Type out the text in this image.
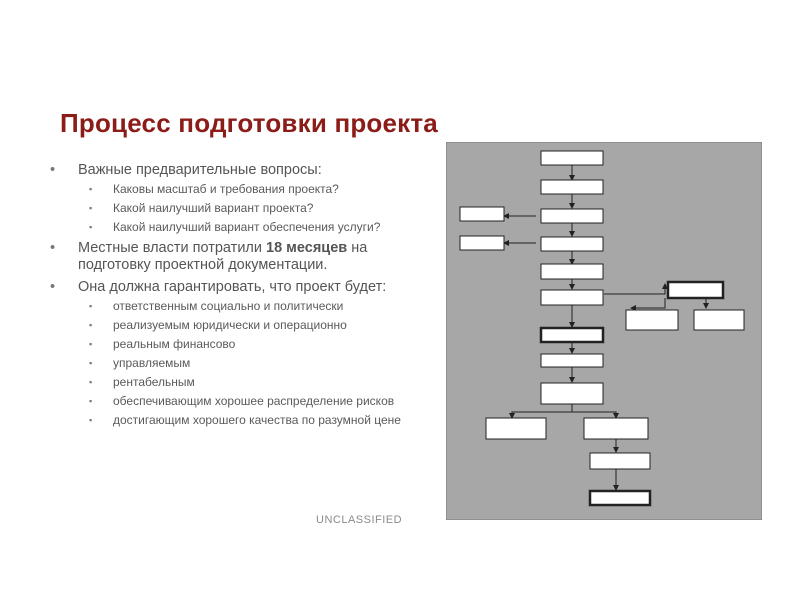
Процесс подготовки проекта
• Важные предварительные вопросы:
▪ Каковы масштаб и требования проекта?
▪ Какой наилучший вариант проекта?
▪ Какой наилучший вариант обеспечения услуги?
• Местные власти потратили 18 месяцев на подготовку проектной документации.
• Она должна гарантировать, что проект будет:
▪ ответственным социально и политически
▪ реализуемым юридически и операционно
▪ реальным финансово
▪ управляемым
▪ рентабельным
▪ обеспечивающим хорошее распределение рисков
▪ достигающим хорошего качества по разумной цене
UNCLASSIFIED
